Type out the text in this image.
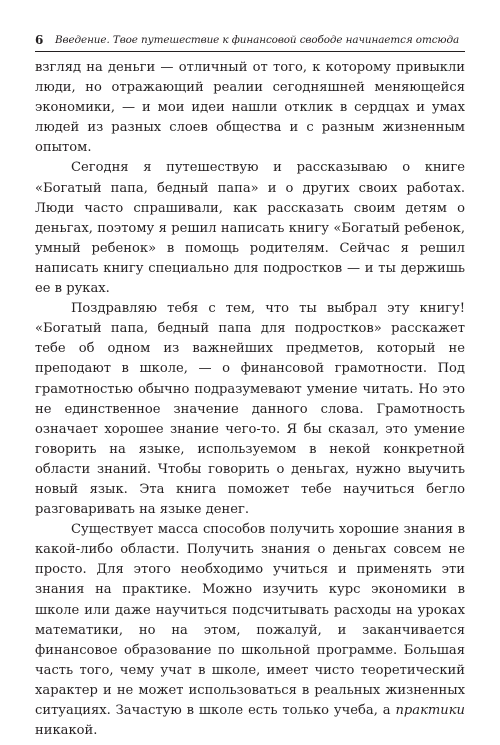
6 Введение. Твое путешествие к финансовой свободе начинается отсюда

взгляд на деньги — отличный от того, к которому привыкли люди, но отражающий реалии сегодняшней меняющейся экономики, — и мои идеи нашли отклик в сердцах и умах людей из разных слоев общества и с разным жизненным опытом.

Сегодня я путешествую и рассказываю о книге «Богатый папа, бедный папа» и о других своих работах. Люди часто спрашивали, как рассказать своим детям о деньгах, поэтому я решил написать книгу «Богатый ребенок, умный ребенок» в помощь родителям. Сейчас я решил написать книгу специально для подростков — и ты держишь ее в руках.

Поздравляю тебя с тем, что ты выбрал эту книгу! «Богатый папа, бедный папа для подростков» расскажет тебе об одном из важнейших предметов, который не преподают в школе, — о финансовой грамотности. Под грамотностью обычно подразумевают умение читать. Но это не единственное значение данного слова. Грамотность означает хорошее знание чего-то. Я бы сказал, это умение говорить на языке, используемом в некой конкретной области знаний. Чтобы говорить о деньгах, нужно выучить новый язык. Эта книга поможет тебе научиться бегло разговаривать на языке денег.

Существует масса способов получить хорошие знания в какой-либо области. Получить знания о деньгах совсем не просто. Для этого необходимо учиться и применять эти знания на практике. Можно изучить курс экономики в школе или даже научиться подсчитывать расходы на уроках математики, но на этом, пожалуй, и заканчивается финансовое образование по школьной программе. Большая часть того, чему учат в школе, имеет чисто теоретический характер и не может использоваться в реальных жизненных ситуациях. Зачастую в школе есть только учеба, а практики никакой.
